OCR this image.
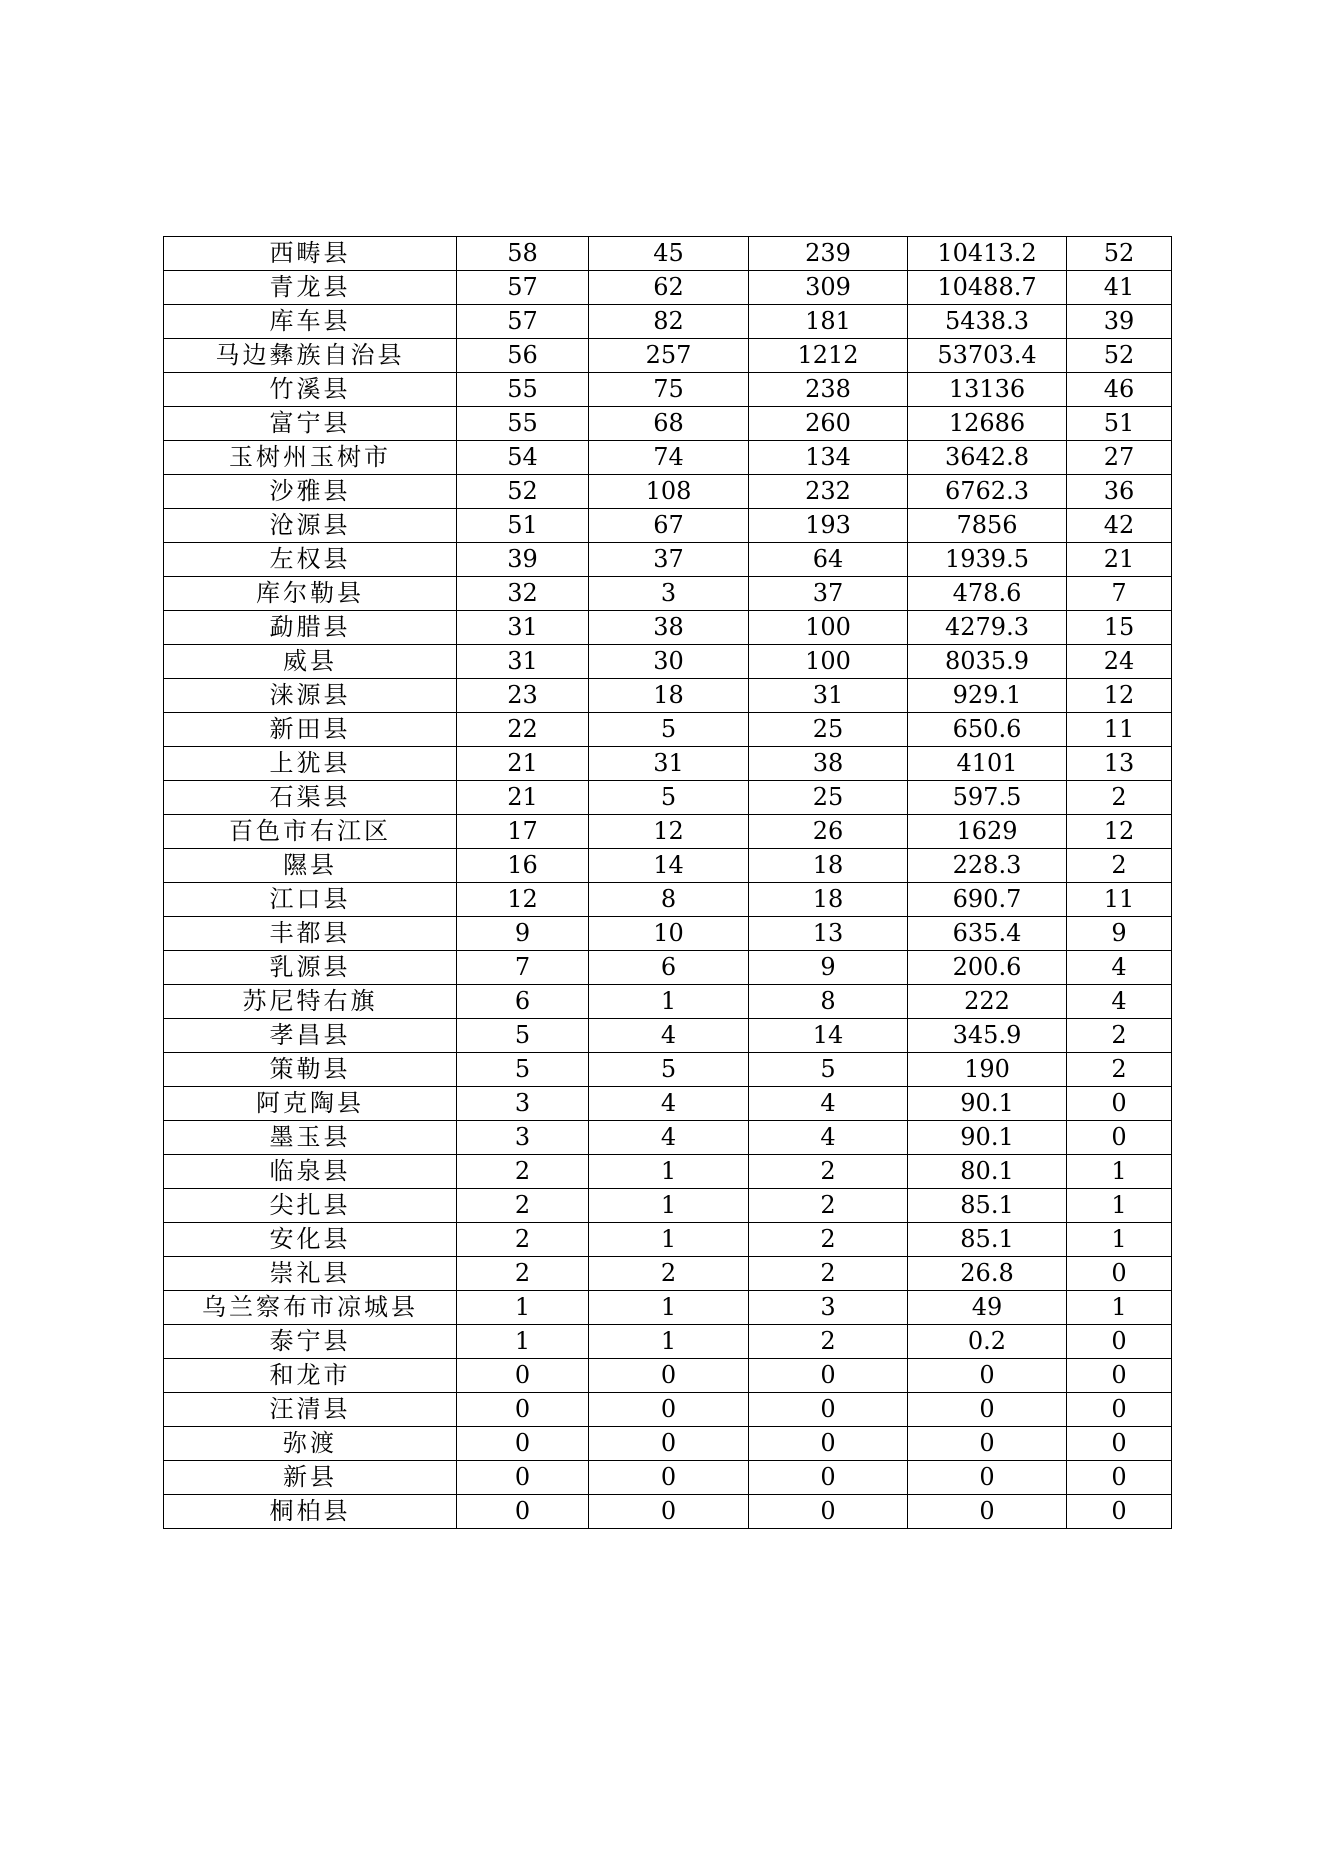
西畴县	58	45	239	10413.2	52
青龙县	57	62	309	10488.7	41
库车县	57	82	181	5438.3	39
马边彝族自治县	56	257	1212	53703.4	52
竹溪县	55	75	238	13136	46
富宁县	55	68	260	12686	51
玉树州玉树市	54	74	134	3642.8	27
沙雅县	52	108	232	6762.3	36
沧源县	51	67	193	7856	42
左权县	39	37	64	1939.5	21
库尔勒县	32	3	37	478.6	7
勐腊县	31	38	100	4279.3	15
威县	31	30	100	8035.9	24
涞源县	23	18	31	929.1	12
新田县	22	5	25	650.6	11
上犹县	21	31	38	4101	13
石渠县	21	5	25	597.5	2
百色市右江区	17	12	26	1629	12
隰县	16	14	18	228.3	2
江口县	12	8	18	690.7	11
丰都县	9	10	13	635.4	9
乳源县	7	6	9	200.6	4
苏尼特右旗	6	1	8	222	4
孝昌县	5	4	14	345.9	2
策勒县	5	5	5	190	2
阿克陶县	3	4	4	90.1	0
墨玉县	3	4	4	90.1	0
临泉县	2	1	2	80.1	1
尖扎县	2	1	2	85.1	1
安化县	2	1	2	85.1	1
崇礼县	2	2	2	26.8	0
乌兰察布市凉城县	1	1	3	49	1
泰宁县	1	1	2	0.2	0
和龙市	0	0	0	0	0
汪清县	0	0	0	0	0
弥渡	0	0	0	0	0
新县	0	0	0	0	0
桐柏县	0	0	0	0	0
